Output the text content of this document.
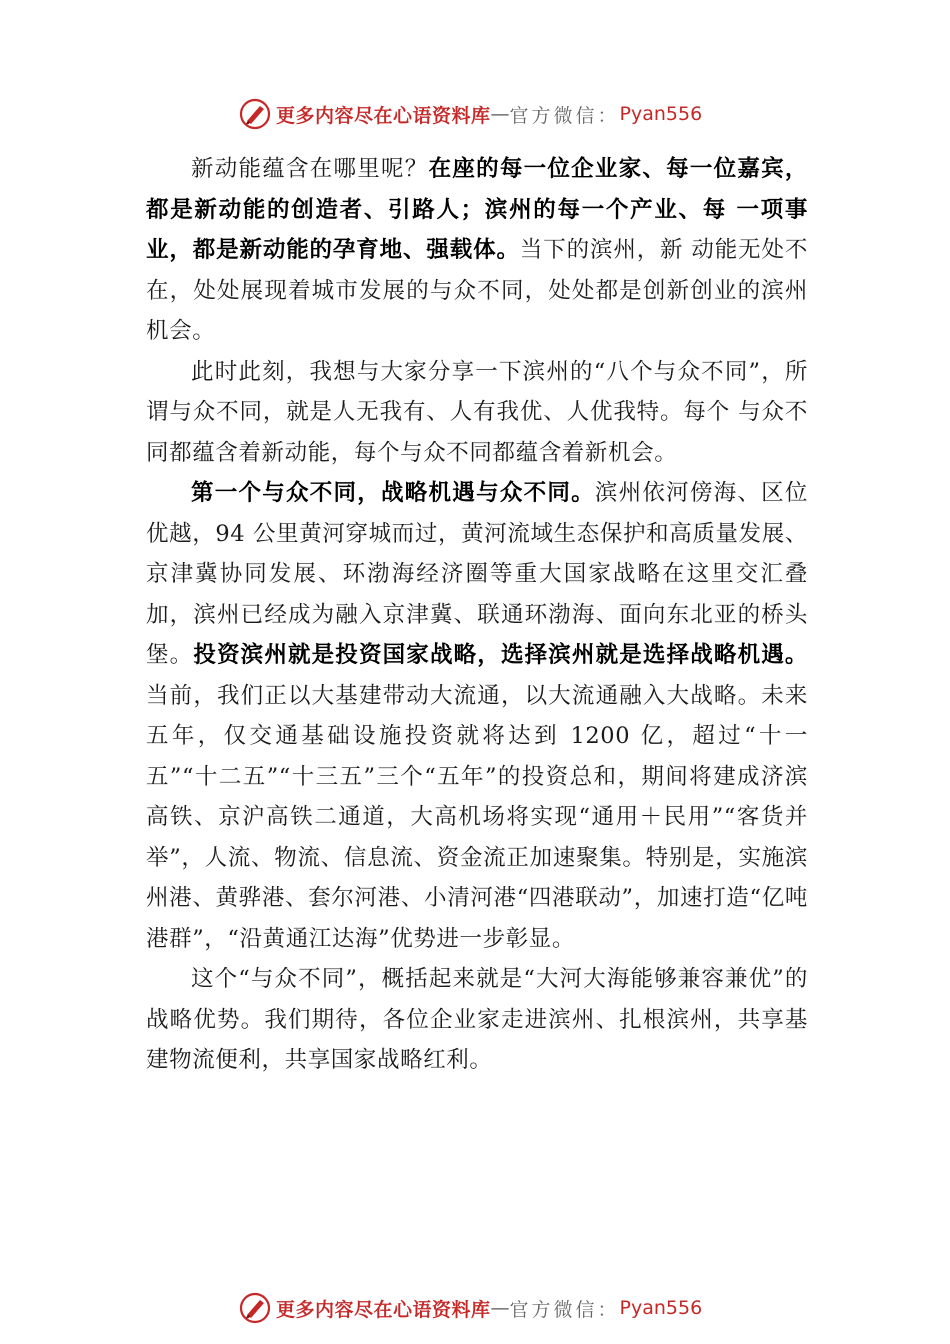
更多内容尽在心语资料库 — 官方微信： Pyan556

新动能蕴含在哪里呢？在座的每一位企业家、每一位嘉宾，都是新动能的创造者、引路人；滨州的每一个产业、每 一项事业，都是新动能的孕育地、强载体。当下的滨州，新 动能无处不在，处处展现着城市发展的与众不同，处处都是创新创业的滨州机会。

此时此刻，我想与大家分享一下滨州的“八个与众不同”，所谓与众不同，就是人无我有、人有我优、人优我特。每个 与众不同都蕴含着新动能，每个与众不同都蕴含着新机会。

第一个与众不同，战略机遇与众不同。滨州依河傍海、区位优越，94 公里黄河穿城而过，黄河流域生态保护和高质量发展、京津冀协同发展、环渤海经济圈等重大国家战略在这里交汇叠加，滨州已经成为融入京津冀、联通环渤海、面向东北亚的桥头堡。投资滨州就是投资国家战略，选择滨州就是选择战略机遇。当前，我们正以大基建带动大流通，以大流通融入大战略。未来五年，仅交通基础设施投资就将达到 1200 亿，超过“十一五”“十二五”“十三五”三个“五年”的投资总和，期间将建成济滨高铁、京沪高铁二通道，大高机场将实现“通用＋民用”“客货并举”，人流、物流、信息流、资金流正加速聚集。特别是，实施滨州港、黄骅港、套尔河港、小清河港“四港联动”，加速打造“亿吨港群”，“沿黄通江达海”优势进一步彰显。

这个“与众不同”，概括起来就是“大河大海能够兼容兼优”的战略优势。我们期待，各位企业家走进滨州、扎根滨州，共享基建物流便利，共享国家战略红利。

更多内容尽在心语资料库 — 官方微信： Pyan556
